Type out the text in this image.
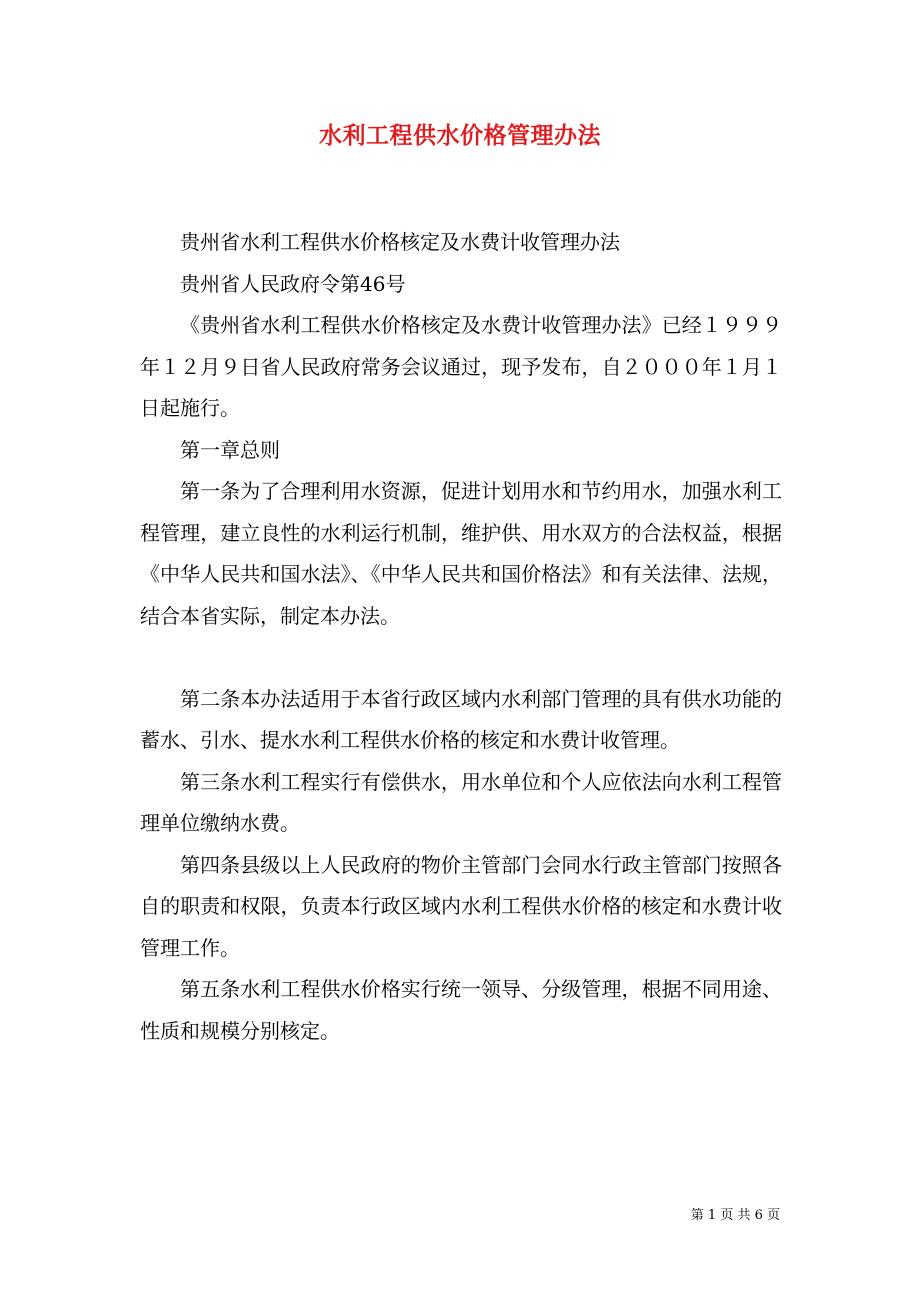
水利工程供水价格管理办法

贵州省水利工程供水价格核定及水费计收管理办法

贵州省人民政府令第46号

《贵州省水利工程供水价格核定及水费计收管理办法》已经１９９９年１２月９日省人民政府常务会议通过，现予发布，自２０００年１月１日起施行。

第一章总则

第一条为了合理利用水资源，促进计划用水和节约用水，加强水利工程管理，建立良性的水利运行机制，维护供、用水双方的合法权益，根据《中华人民共和国水法》、《中华人民共和国价格法》和有关法律、法规，结合本省实际，制定本办法。

第二条本办法适用于本省行政区域内水利部门管理的具有供水功能的蓄水、引水、提水水利工程供水价格的核定和水费计收管理。

第三条水利工程实行有偿供水，用水单位和个人应依法向水利工程管理单位缴纳水费。

第四条县级以上人民政府的物价主管部门会同水行政主管部门按照各自的职责和权限，负责本行政区域内水利工程供水价格的核定和水费计收管理工作。

第五条水利工程供水价格实行统一领导、分级管理，根据不同用途、性质和规模分别核定。

第 1 页 共 6 页
